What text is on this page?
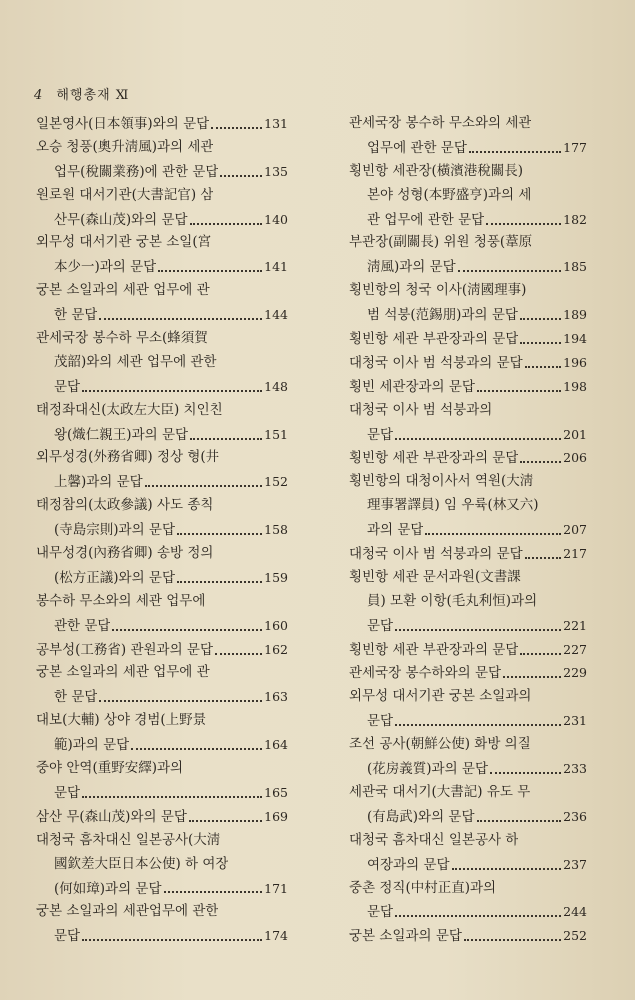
4 해행총재 Ⅺ
일본영사(日本領事)와의 문답	131
오승 청풍(奧升淸風)과의 세관
업무(稅關業務)에 관한 문답	135
원로원 대서기관(大書記官) 삼
산무(森山茂)와의 문답	140
외무성 대서기관 궁본 소일(宮
本少一)과의 문답	141
궁본 소일과의 세관 업무에 관
한 문답	144
관세국장 봉수하 무소(蜂須賀
茂韶)와의 세관 업무에 관한
문답	148
태정좌대신(太政左大臣) 치인친
왕(熾仁親王)과의 문답	151
외무성경(外務省卿) 정상 형(井
上馨)과의 문답	152
태정참의(太政參議) 사도 종칙
(寺島宗則)과의 문답	158
내무성경(內務省卿) 송방 정의
(松方正議)와의 문답	159
봉수하 무소와의 세관 업무에
관한 문답	160
공부성(工務省) 관원과의 문답	162
궁본 소일과의 세관 업무에 관
한 문답	163
대보(大輔) 상야 경범(上野景
範)과의 문답	164
중야 안역(重野安繹)과의
문답	165
삼산 무(森山茂)와의 문답	169
대청국 흠차대신 일본공사(大淸
國欽差大臣日本公使) 하 여장
(何如璋)과의 문답	171
궁본 소일과의 세관업무에 관한
문답	174
관세국장 봉수하 무소와의 세관
업무에 관한 문답	177
횡빈항 세관장(橫濱港稅關長)
본야 성형(本野盛亨)과의 세
관 업무에 관한 문답	182
부관장(副關長) 위원 청풍(葦原
淸風)과의 문답	185
횡빈항의 청국 이사(淸國理事)
범 석붕(范錫朋)과의 문답	189
횡빈항 세관 부관장과의 문답	194
대청국 이사 범 석붕과의 문답	196
횡빈 세관장과의 문답	198
대청국 이사 범 석붕과의
문답	201
횡빈항 세관 부관장과의 문답	206
횡빈항의 대청이사서 역원(大淸
理事署譯員) 임 우륙(林又六)
과의 문답	207
대청국 이사 범 석붕과의 문답	217
횡빈항 세관 문서과원(文書課
員) 모환 이항(毛丸利恒)과의
문답	221
횡빈항 세관 부관장과의 문답	227
관세국장 봉수하와의 문답	229
외무성 대서기관 궁본 소일과의
문답	231
조선 공사(朝鮮公使) 화방 의질
(花房義質)과의 문답	233
세관국 대서기(大書記) 유도 무
(有島武)와의 문답	236
대청국 흠차대신 일본공사 하
여장과의 문답	237
중촌 정직(中村正直)과의
문답	244
궁본 소일과의 문답	252
